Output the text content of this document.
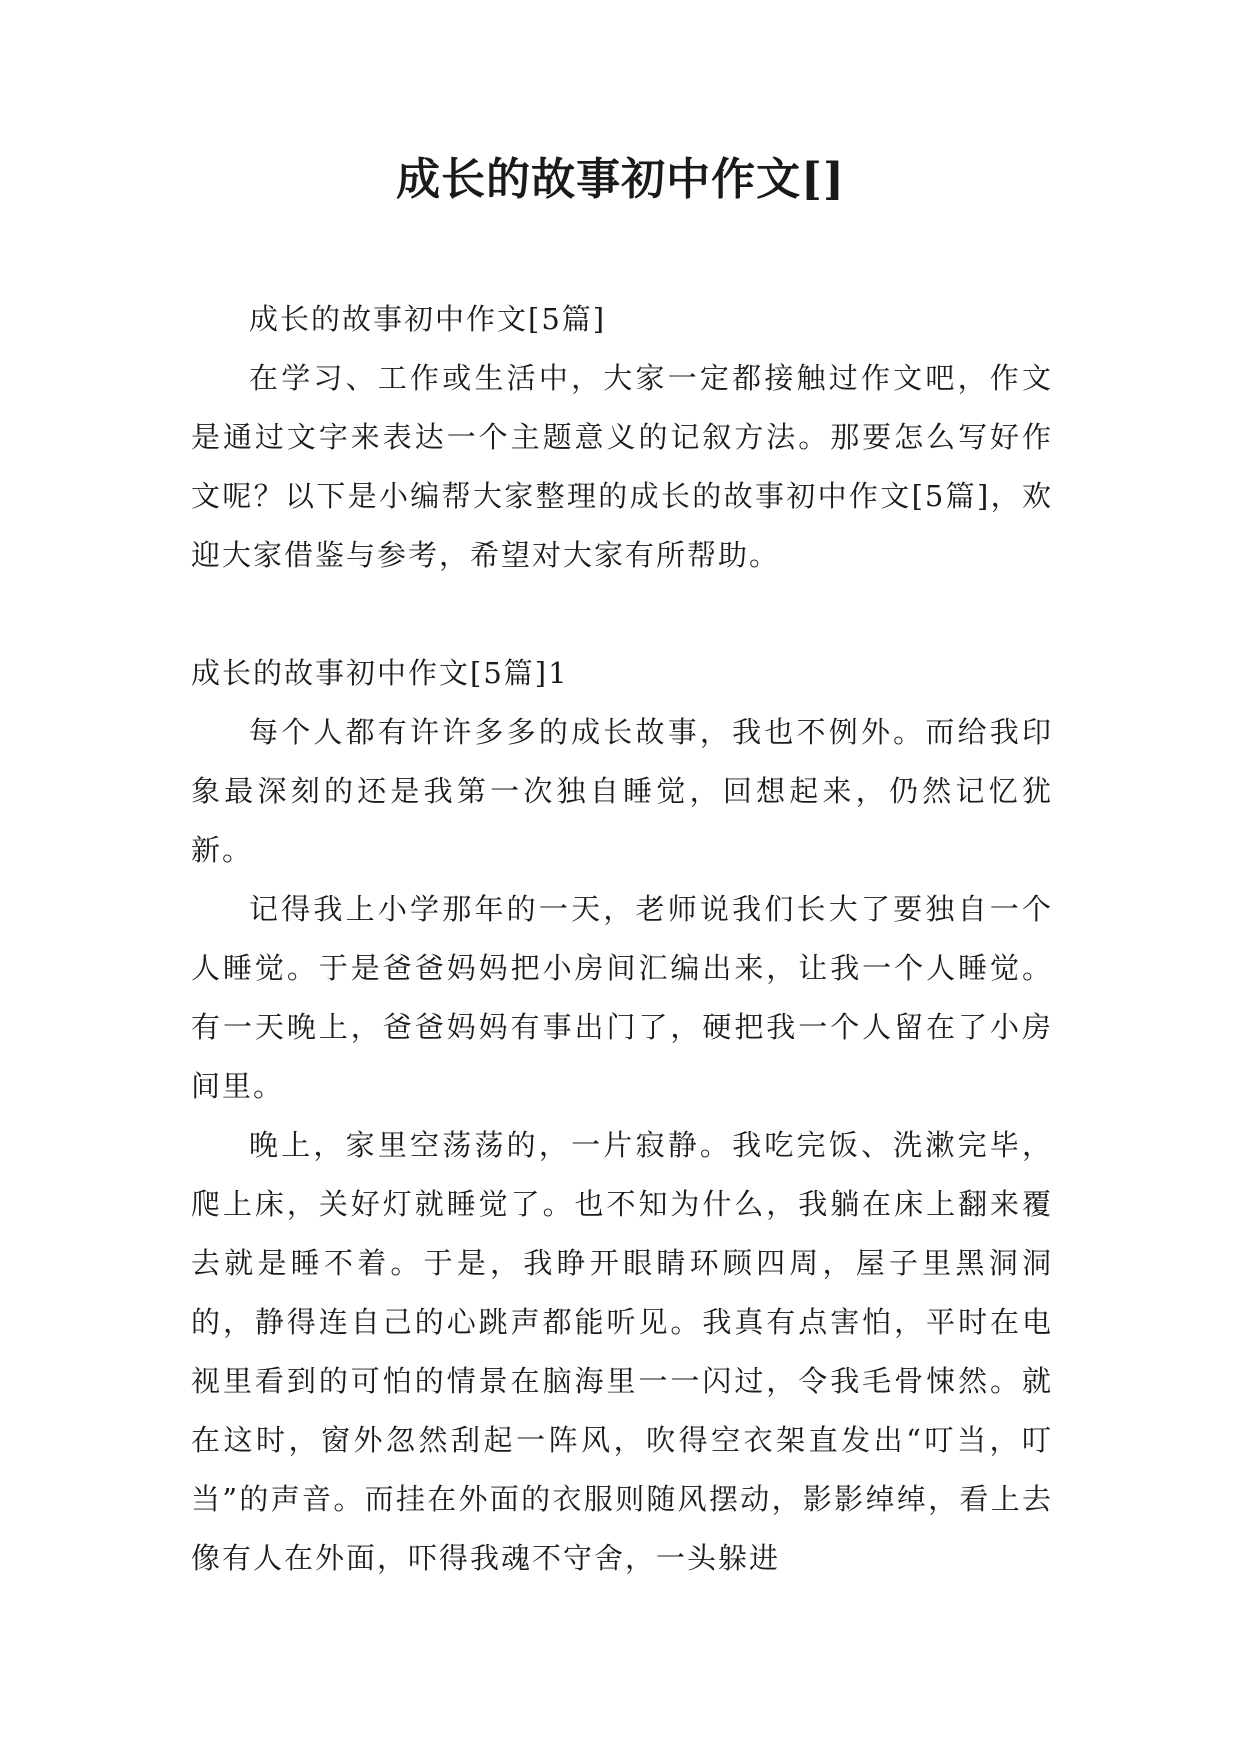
成长的故事初中作文[]

成长的故事初中作文[5篇]

在学习、工作或生活中，大家一定都接触过作文吧，作文是通过文字来表达一个主题意义的记叙方法。那要怎么写好作文呢？以下是小编帮大家整理的成长的故事初中作文[5篇]，欢迎大家借鉴与参考，希望对大家有所帮助。

成长的故事初中作文[5篇]1

每个人都有许许多多的成长故事，我也不例外。而给我印象最深刻的还是我第一次独自睡觉，回想起来，仍然记忆犹新。

记得我上小学那年的一天，老师说我们长大了要独自一个人睡觉。于是爸爸妈妈把小房间汇编出来，让我一个人睡觉。有一天晚上，爸爸妈妈有事出门了，硬把我一个人留在了小房间里。

晚上，家里空荡荡的，一片寂静。我吃完饭、洗漱完毕，爬上床，关好灯就睡觉了。也不知为什么，我躺在床上翻来覆去就是睡不着。于是，我睁开眼睛环顾四周，屋子里黑洞洞的，静得连自己的心跳声都能听见。我真有点害怕，平时在电视里看到的可怕的情景在脑海里一一闪过，令我毛骨悚然。就在这时，窗外忽然刮起一阵风，吹得空衣架直发出“叮当，叮当”的声音。而挂在外面的衣服则随风摆动，影影绰绰，看上去像有人在外面，吓得我魂不守舍，一头躲进
